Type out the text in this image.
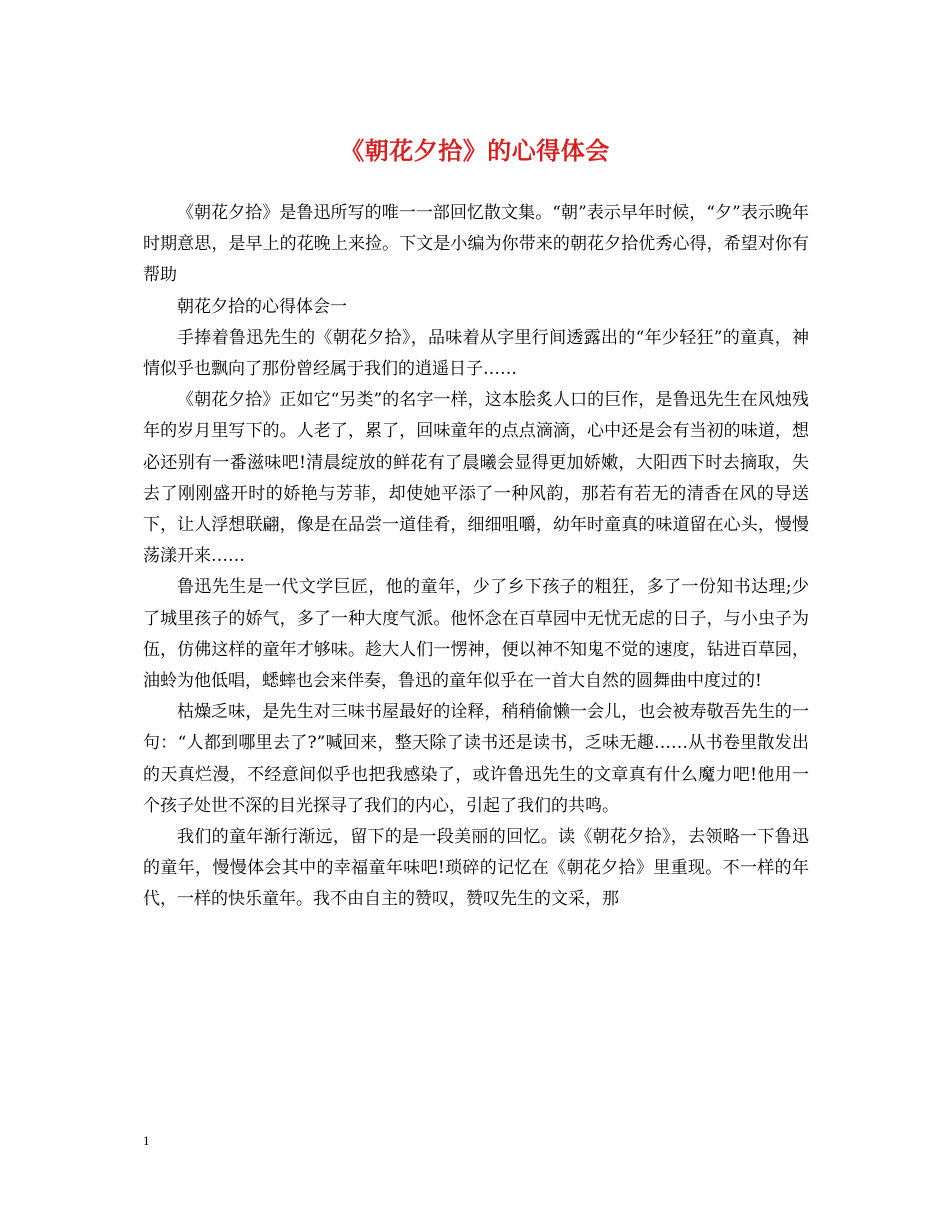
《朝花夕拾》的心得体会

《朝花夕拾》是鲁迅所写的唯一一部回忆散文集。“朝”表示早年时候，“夕”表示晚年时期意思，是早上的花晚上来捡。下文是小编为你带来的朝花夕拾优秀心得，希望对你有帮助

朝花夕拾的心得体会一

手捧着鲁迅先生的《朝花夕拾》，品味着从字里行间透露出的“年少轻狂”的童真，神情似乎也飘向了那份曾经属于我们的逍遥日子……

《朝花夕拾》正如它“另类”的名字一样，这本脍炙人口的巨作，是鲁迅先生在风烛残年的岁月里写下的。人老了，累了，回味童年的点点滴滴，心中还是会有当初的味道，想必还别有一番滋味吧!清晨绽放的鲜花有了晨曦会显得更加娇嫩，大阳西下时去摘取，失去了刚刚盛开时的娇艳与芳菲，却使她平添了一种风韵，那若有若无的清香在风的导送下，让人浮想联翩，像是在品尝一道佳肴，细细咀嚼，幼年时童真的味道留在心头，慢慢荡漾开来……

鲁迅先生是一代文学巨匠，他的童年，少了乡下孩子的粗狂，多了一份知书达理;少了城里孩子的娇气，多了一种大度气派。他怀念在百草园中无忧无虑的日子，与小虫子为伍，仿佛这样的童年才够味。趁大人们一愣神，便以神不知鬼不觉的速度，钻进百草园，油蛉为他低唱，蟋蟀也会来伴奏，鲁迅的童年似乎在一首大自然的圆舞曲中度过的!

枯燥乏味，是先生对三味书屋最好的诠释，稍稍偷懒一会儿，也会被寿敬吾先生的一句：“人都到哪里去了?”喊回来，整天除了读书还是读书，乏味无趣……从书卷里散发出的天真烂漫，不经意间似乎也把我感染了，或许鲁迅先生的文章真有什么魔力吧!他用一个孩子处世不深的目光探寻了我们的内心，引起了我们的共鸣。

我们的童年渐行渐远，留下的是一段美丽的回忆。读《朝花夕拾》，去领略一下鲁迅的童年，慢慢体会其中的幸福童年味吧!琐碎的记忆在《朝花夕拾》里重现。不一样的年代，一样的快乐童年。我不由自主的赞叹，赞叹先生的文采，那

1
